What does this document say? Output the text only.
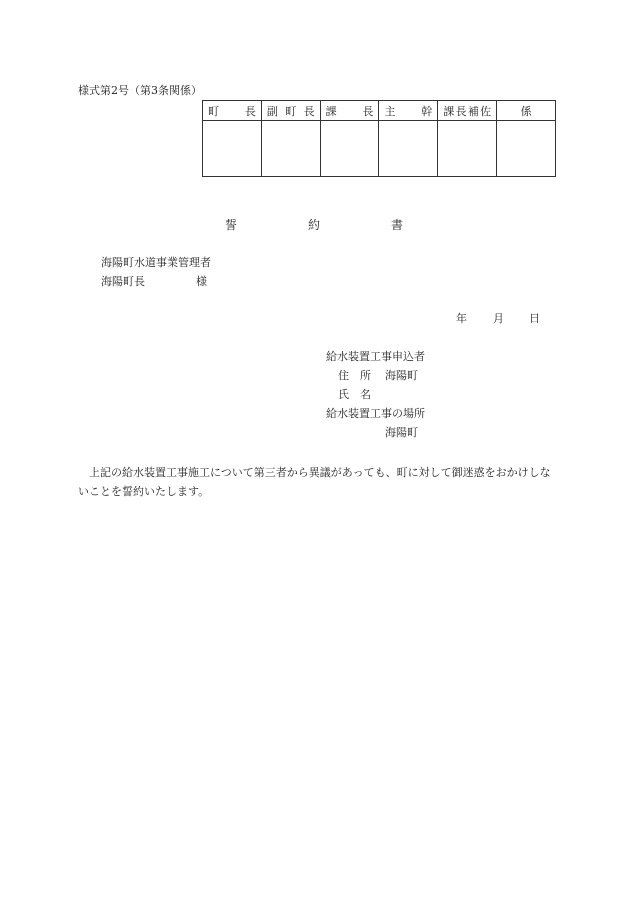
様式第2号（第3条関係）
町　　長	副町長	課　　長	主　　幹	課長補佐	係

誓	約	書
海陽町水道事業管理者
海陽町長	様
年 月 日
給水装置工事申込者
住　所 海陽町
氏　名
給水装置工事の場所
海陽町
上記の給水装置工事施工について第三者から異議があっても、町に対して御迷惑をおかけしないことを誓約いたします。
